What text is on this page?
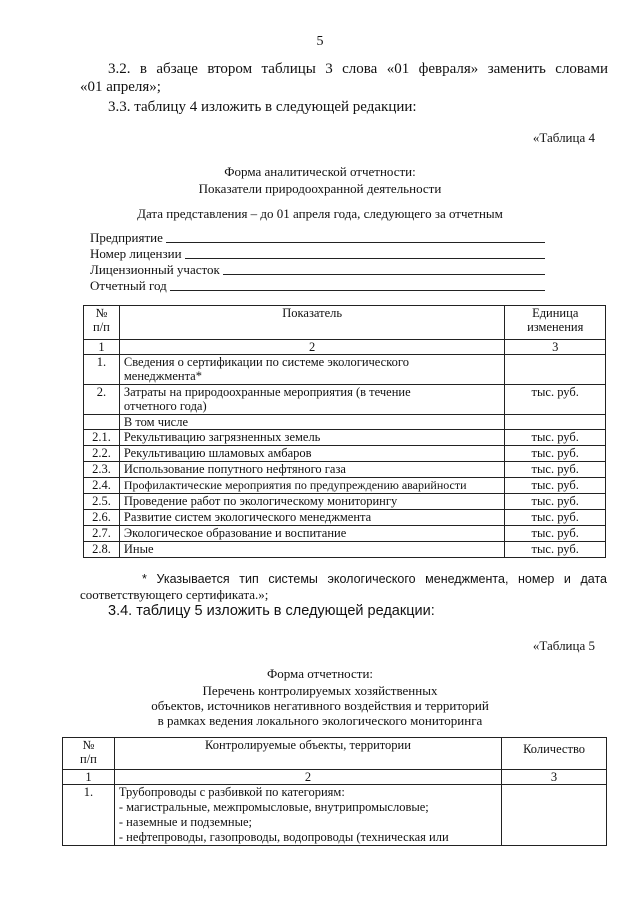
5
3.2. в абзаце втором таблицы 3 слова «01 февраля» заменить словами
«01 апреля»;
3.3. таблицу 4 изложить в следующей редакции:
«Таблица 4
Форма аналитической отчетности:
Показатели природоохранной деятельности
Дата представления – до 01 апреля года, следующего за отчетным
Предприятие
Номер лицензии
Лицензионный участок
Отчетный год
№
п/п	Показатель	Единица
изменения
1	2	3
1.	Сведения о сертификации по системе экологического
менеджмента*	
2.	Затраты на природоохранные мероприятия (в течение
отчетного года)	тыс. руб.

	В том числе	
2.1.	Рекультивацию загрязненных земель	тыс. руб.

2.2.	Рекультивацию шламовых амбаров	тыс. руб.

2.3.	Использование попутного нефтяного газа	тыс. руб.

2.4.	Профилактические мероприятия по предупреждению аварийности	тыс. руб.

2.5.	Проведение работ по экологическому мониторингу	тыс. руб.

2.6.	Развитие систем экологического менеджмента	тыс. руб.

2.7.	Экологическое образование и воспитание	тыс. руб.

2.8.	Иные	тыс. руб.
* Указывается тип системы экологического менеджмента, номер и дата
соответствующего сертификата.»;
3.4. таблицу 5 изложить в следующей редакции:
«Таблица 5
Форма отчетности:
Перечень контролируемых хозяйственных
объектов, источников негативного воздействия и территорий
в рамках ведения локального экологического мониторинга
№
п/п	Контролируемые объекты, территории	Количество
1	2	3
1.	Трубопроводы с разбивкой по категориям:
- магистральные, межпромысловые, внутрипромысловые;
- наземные и подземные;
- нефтепроводы, газопроводы, водопроводы (техническая или	
